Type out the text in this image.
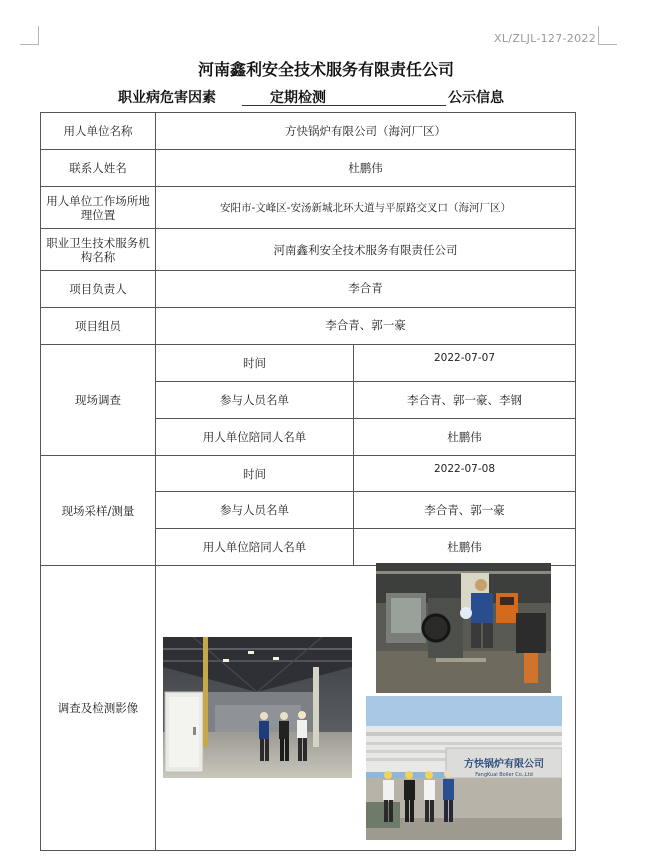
XL/ZLJL-127-2022
河南鑫利安全技术服务有限责任公司
职业病危害因素	定期检测	公示信息
用人单位名称	方快锅炉有限公司（海河厂区）	
联系人姓名	杜鹏伟	
用人单位工作场所地理位置	安阳市-文峰区-安汤新城北环大道与平原路交叉口（海河厂区）	
职业卫生技术服务机构名称	河南鑫利安全技术服务有限责任公司	
项目负责人	李合青	
项目组员	李合青、郭一豪	
现场调查	时间	2022-07-07
	参与人员名单	李合青、郭一豪、李钢
	用人单位陪同人名单	杜鹏伟
现场采样/测量	时间	2022-07-08
	参与人员名单	李合青、郭一豪
	用人单位陪同人名单	杜鹏伟
调查及检测影像		
方快锅炉有限公司
FangKuai Boiler Co.,Ltd
